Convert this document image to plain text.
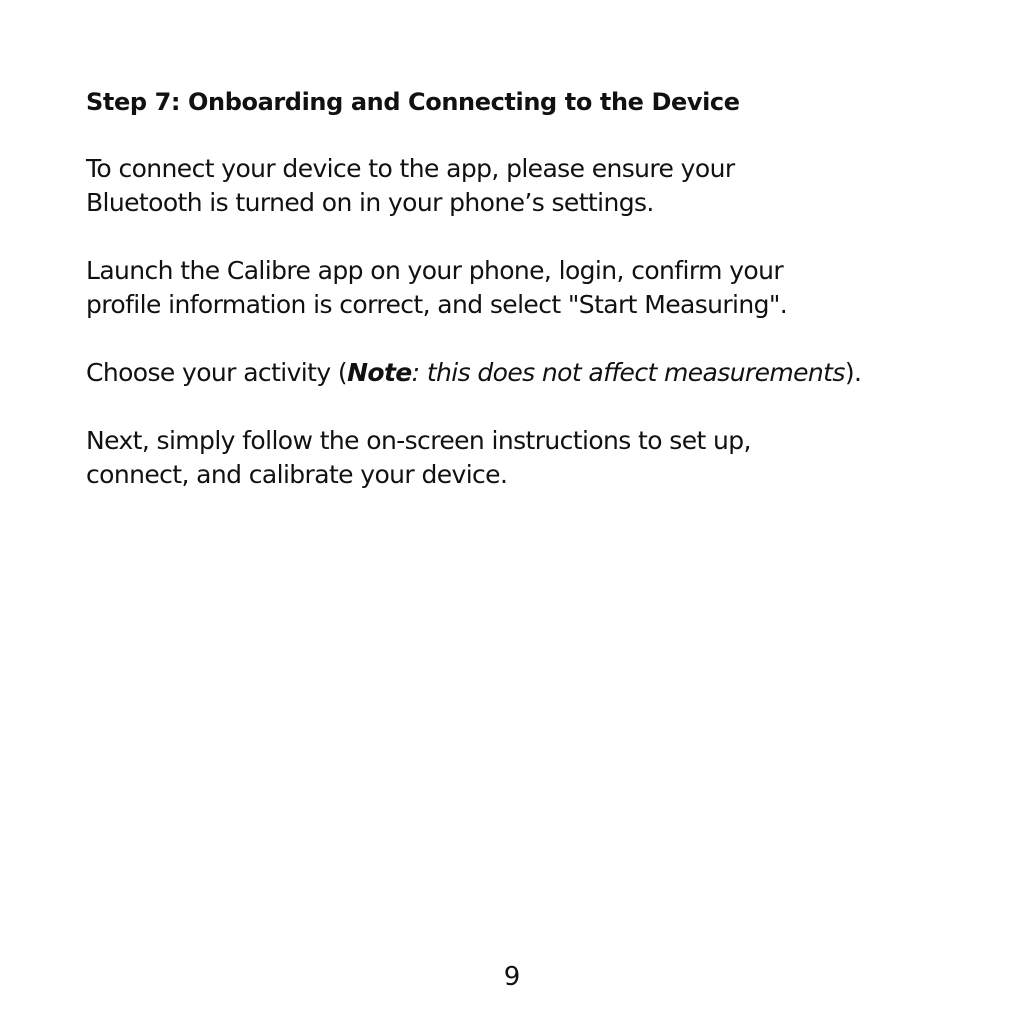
Step 7: Onboarding and Connecting to the Device

To connect your device to the app, please ensure your
Bluetooth is turned on in your phone’s settings.

Launch the Calibre app on your phone, login, confirm your
profile information is correct, and select "Start Measuring".

Choose your activity (Note: this does not affect measurements).

Next, simply follow the on-screen instructions to set up,
connect, and calibrate your device.

9
